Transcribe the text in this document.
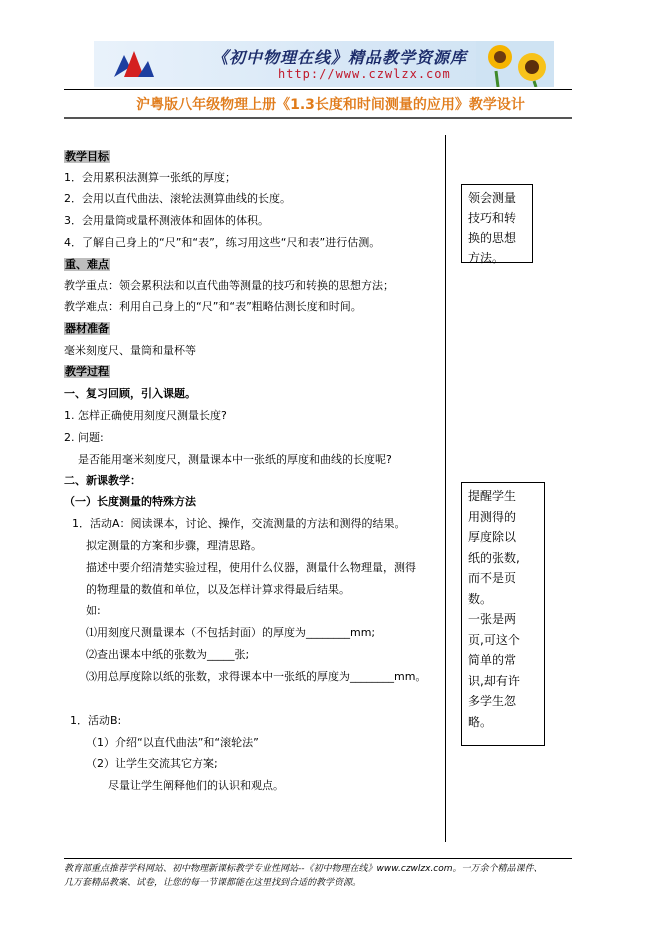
《初中物理在线》精品教学资源库
http://www.czwlzx.com
沪粤版八年级物理上册《1.3长度和时间测量的应用》教学设计
教学目标
1．会用累积法测算一张纸的厚度；
2．会用以直代曲法、滚轮法测算曲线的长度。
3．会用量筒或量杯测液体和固体的体积。
4．了解自己身上的“尺”和“表”，练习用这些“尺和表”进行估测。
重、难点
教学重点：领会累积法和以直代曲等测量的技巧和转换的思想方法；
教学难点：利用自己身上的“尺”和“表”粗略估测长度和时间。
器材准备
毫米刻度尺、量筒和量杯等
教学过程
一、复习回顾，引入课题。
1. 怎样正确使用刻度尺测量长度?
2. 问题:
是否能用毫米刻度尺，测量课本中一张纸的厚度和曲线的长度呢?
二、新课教学：
（一）长度测量的特殊方法
1．活动A：阅读课本，讨论、操作，交流测量的方法和测得的结果。
拟定测量的方案和步骤，理清思路。
描述中要介绍清楚实验过程，使用什么仪器，测量什么物理量，测得
的物理量的数值和单位，以及怎样计算求得最后结果。
如:
⑴用刻度尺测量课本（不包括封面）的厚度为________mm;
⑵查出课本中纸的张数为_____张;
⑶用总厚度除以纸的张数，求得课本中一张纸的厚度为________mm。
1．活动B:
（1）介绍“以直代曲法”和“滚轮法”
（2）让学生交流其它方案;
尽量让学生阐释他们的认识和观点。
领会测量
技巧和转
换的思想
方法。
提醒学生
用测得的
厚度除以
纸的张数,
而不是页
数。
一张是两
页,可这个
简单的常
识,却有许
多学生忽
略。
教育部重点推荐学科网站、初中物理新课标教学专业性网站--《初中物理在线》www.czwlzx.com。一万余个精品课件、
几万套精品教案、试卷，让您的每一节课都能在这里找到合适的教学资源。
